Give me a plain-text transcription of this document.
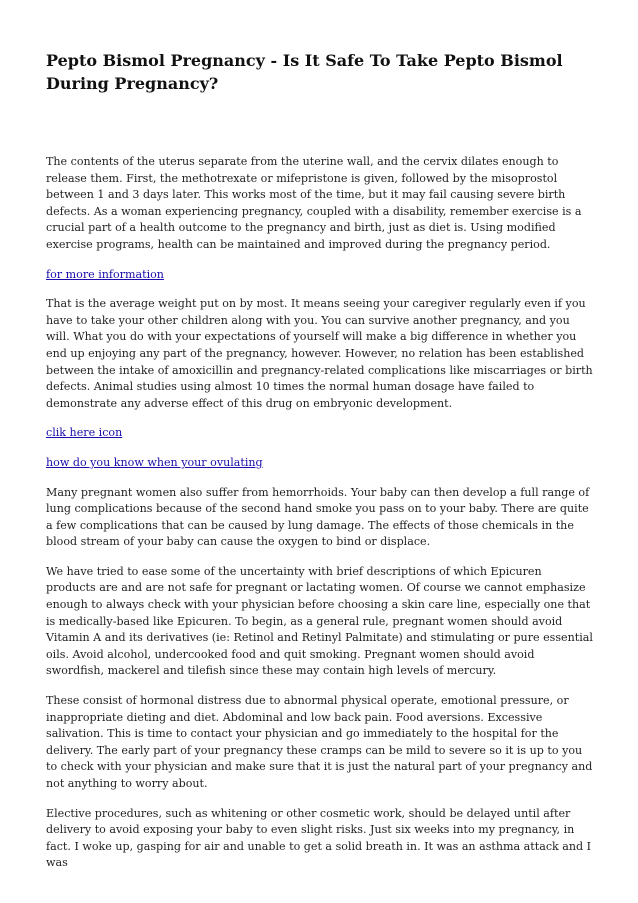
Pepto Bismol Pregnancy - Is It Safe To Take Pepto Bismol During Pregnancy?

The contents of the uterus separate from the uterine wall, and the cervix dilates enough to release them. First, the methotrexate or mifepristone is given, followed by the misoprostol between 1 and 3 days later. This works most of the time, but it may fail causing severe birth defects. As a woman experiencing pregnancy, coupled with a disability, remember exercise is a crucial part of a health outcome to the pregnancy and birth, just as diet is. Using modified exercise programs, health can be maintained and improved during the pregnancy period.

for more information

That is the average weight put on by most. It means seeing your caregiver regularly even if you have to take your other children along with you. You can survive another pregnancy, and you will. What you do with your expectations of yourself will make a big difference in whether you end up enjoying any part of the pregnancy, however. However, no relation has been established between the intake of amoxicillin and pregnancy-related complications like miscarriages or birth defects. Animal studies using almost 10 times the normal human dosage have failed to demonstrate any adverse effect of this drug on embryonic development.

clik here icon

how do you know when your ovulating

Many pregnant women also suffer from hemorrhoids. Your baby can then develop a full range of lung complications because of the second hand smoke you pass on to your baby. There are quite a few complications that can be caused by lung damage. The effects of those chemicals in the blood stream of your baby can cause the oxygen to bind or displace.

We have tried to ease some of the uncertainty with brief descriptions of which Epicuren products are and are not safe for pregnant or lactating women. Of course we cannot emphasize enough to always check with your physician before choosing a skin care line, especially one that is medically-based like Epicuren. To begin, as a general rule, pregnant women should avoid Vitamin A and its derivatives (ie: Retinol and Retinyl Palmitate) and stimulating or pure essential oils. Avoid alcohol, undercooked food and quit smoking. Pregnant women should avoid swordfish, mackerel and tilefish since these may contain high levels of mercury.

These consist of hormonal distress due to abnormal physical operate, emotional pressure, or inappropriate dieting and diet. Abdominal and low back pain. Food aversions. Excessive salivation. This is time to contact your physician and go immediately to the hospital for the delivery. The early part of your pregnancy these cramps can be mild to severe so it is up to you to check with your physician and make sure that it is just the natural part of your pregnancy and not anything to worry about.

Elective procedures, such as whitening or other cosmetic work, should be delayed until after delivery to avoid exposing your baby to even slight risks. Just six weeks into my pregnancy, in fact. I woke up, gasping for air and unable to get a solid breath in. It was an asthma attack and I was
